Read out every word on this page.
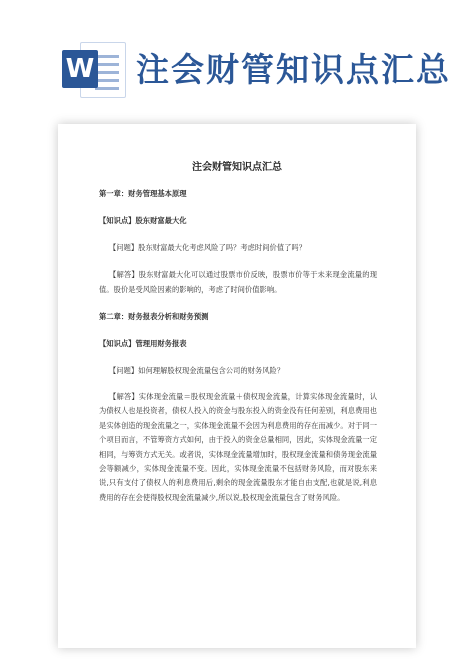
W 注会财管知识点汇总
注会财管知识点汇总

第一章：财务管理基本原理

【知识点】股东财富最大化

【问题】股东财富最大化考虑风险了吗？考虑时间价值了吗？

【解答】股东财富最大化可以通过股票市价反映，股票市价等于未来现金流量的现值。股价是受风险因素的影响的，考虑了时间价值影响。

第二章：财务报表分析和财务预测

【知识点】管理用财务报表

【问题】如何理解股权现金流量包含公司的财务风险？

【解答】实体现金流量＝股权现金流量＋债权现金流量，计算实体现金流量时，认为债权人也是投资者，债权人投入的资金与股东投入的资金没有任何差别，利息费用也是实体创造的现金流量之一，实体现金流量不会因为利息费用的存在而减少。对于同一个项目而言，不管筹资方式如何，由于投入的资金总量相同，因此，实体现金流量一定相同，与筹资方式无关。或者说，实体现金流量增加时，股权现金流量和债务现金流量会等额减少，实体现金流量不变。因此，实体现金流量不包括财务风险，而对股东来说,只有支付了债权人的利息费用后,剩余的现金流量股东才能自由支配,也就是说,利息费用的存在会使得股权现金流量减少,所以说,股权现金流量包含了财务风险。
